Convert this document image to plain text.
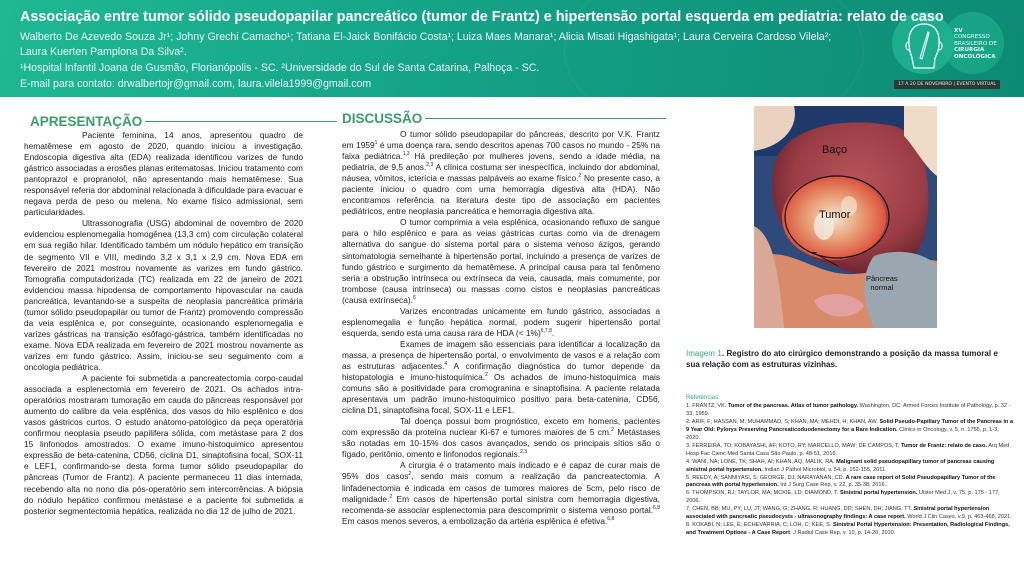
XV
CONGRESSO
BRASILEIRO DE
CIRURGIA
ONCOLÓGICA
17 A 20 DE NOVEMBRO | EVENTO VIRTUAL
Associação entre tumor sólido pseudopapilar pancreático (tumor de Frantz) e hipertensão portal esquerda em pediatria: relato de caso
Walberto De Azevedo Souza Jr¹; Johny Grechi Camacho¹; Tatiana El-Jaick Bonifácio Costa¹; Luiza Maes Manara¹; Alicia Misati Higashigata¹; Laura Cerveira Cardoso Vilela²;
Laura Kuerten Pamplona Da Silva².
¹Hospital Infantil Joana de Gusmão, Florianópolis - SC. ²Universidade do Sul de Santa Catarina, Palhoça - SC.
E-mail para contato: drwalbertojr@gmail.com, laura.vilela1999@gmail.com
APRESENTAÇÃO

Paciente feminina, 14 anos, apresentou quadro de hematêmese em agosto de 2020, quando iniciou a investigação. Endoscopia digestiva alta (EDA) realizada identificou varizes de fundo gástrico associadas a erosões planas eritematosas. Iniciou tratamento com pantoprazol e propranolol, não apresentando mais hematêmese. Sua responsável referia dor abdominal relacionada à dificuldade para evacuar e negava perda de peso ou melena. No exame físico admissional, sem particularidades.

Ultrassonografia (USG) abdominal de novembro de 2020 evidenciou esplenomegalia homogênea (13,3 cm) com circulação colateral em sua região hilar. Identificado também um nódulo hepático em transição de segmento VII e VIII, medindo 3,2 x 3,1 x 2,9 cm. Nova EDA em fevereiro de 2021 mostrou novamente as varizes em fundo gástrico. Tomografia computadorizada (TC) realizada em 22 de janeiro de 2021 evidenciou massa hipodensa de comportamento hipovascular na cauda pancreática, levantando-se a suspeita de neoplasia pancreática primária (tumor sólido pseudopapilar ou tumor de Frantz) promovendo compressão da veia esplênica e, por conseguinte, ocasionando esplenomegalia e varizes gástricas na transição esôfago-gástrica, também identificadas no exame. Nova EDA realizada em fevereiro de 2021 mostrou novamente as varizes em fundo gástrico. Assim, iniciou-se seu seguimento com a oncologia pediátrica.

A paciente foi submetida a pancreatectomia corpo-caudal associada a esplenectomia em fevereiro de 2021. Os achados intra-operatórios mostraram tumoração em cauda do pâncreas responsável por aumento do calibre da veia esplênica, dos vasos do hilo esplênico e dos vasos gástricos curtos. O estudo anátomo-patológico da peça operatória confirmou neoplasia pseudo papilifera sólida, com metástase para 2 dos 15 linfonodos amostrados. O exame imuno-histoquimico apresentou expressão de beta-catenina, CD56, ciclina D1, sinaptofisina focal, SOX-11 e LEF1, confirmando-se desta forma tumor sólido pseudopapilar do pâncreas (Tumor de Frantz). A paciente permaneceu 11 dias internada, recebendo alta no nono dia pós-operatório sem intercorrências. A biópsia do nódulo hepático confirmou metástase e a paciente foi submetida a posterior segmentectomia hepática, realizada no dia 12 de julho de 2021.

DISCUSSÃO

O tumor sólido pseudopapilar do pâncreas, descrito por V.K. Frantz em 1959$^1$ é uma doença rara, sendo descritos apenas 700 casos no mundo - 25% na faixa pediátrica.$^{1,3}$ Há predileção por mulheres jovens, sendo a idade média, na pediatria, de 9,5 anos.$^{2,3}$ A clínica costuma ser inespecífica, incluindo dor abdominal, náusea, vômitos, icterícia e massas palpáveis ao exame físico.$^2$ No presente caso, a paciente iniciou o quadro com uma hemorragia digestiva alta (HDA). Não encontramos referência na literatura deste tipo de associação em pacientes pediátricos, entre neoplasia pancreática e hemorragia digestiva alta.

O tumor comprimia a veia esplênica, ocasionando refluxo de sangue para o hilo esplênico e para as veias gástricas curtas como via de drenagem alternativa do sangue do sistema portal para o sistema venoso ázigos, gerando sintomatologia semelhante à hipertensão portal, incluindo a presença de varizes de fundo gástrico e surgimento da hematêmese. A principal causa para tal fenômeno seria a obstrução intrínseca ou extrínseca da veia, causada, mais comumente, por trombose (causa intrínseca) ou massas como cistos e neoplasias pancreáticas (causa extrínseca).$^6$

Varizes encontradas unicamente em fundo gástrico, associadas a esplenomegalia e função hepática normal, podem sugerir hipertensão portal esquerda, sendo esta uma causa rara de HDA (< 1%)$^{6,7,8}$.

Exames de imagem são essenciais para identificar a localização da massa, a presença de hipertensão portal, o envolvimento de vasos e a relação com as estruturas adjacentes.$^4$ A confirmação diagnóstica do tumor depende da histopatologia e imuno-histoquímica.$^2$ Os achados de imuno-histoquímica mais comuns são a positividade para cromogranina e sinaptofisina. A paciente relatada apresentava um padrão imuno-histoquímico positivo para beta-catenina, CD56, ciclina D1, sinaptofisina focal, SOX-11 e LEF1.

Tal doença possui bom prognóstico, exceto em homens, pacientes com expressão da proteína nuclear Ki-67 e tumores maiores de 5 cm.$^2$ Metástases são notadas em 10-15% dos casos avançados, sendo os principais sítios são o fígado, peritônio, omento e linfonodos regionais.$^{2,3}$

A cirurgia é o tratamento mais indicado e é capaz de curar mais de 95% dos casos$^2$, sendo mais comum a realização da pancreatectomia. A linfadenectomia é indicada em casos de tumores maiores de 5cm, pelo risco de malignidade.$^2$ Em casos de hipertensão portal sinistra com hemorragia digestiva, recomenda-se associar esplenectomia para descomprimir o sistema venoso portal.$^{6,8}$ Em casos menos severos, a embolização da artéria esplênica é efetiva.$^{6,8}$

Baço
Tumor
Pâncreas
normal
Imagem 1. Registro do ato cirúrgico demonstrando a posição da massa tumoral e sua relação com as estruturas vizinhas.
Referências:
1. FRANTZ, VK. Tumor of the pancreas. Atlas of tumor pathology. Washington, DC: Armed Forces Institute of Pathology, p. 32 - 33, 1959.
2. ARIF, F; HASSAN, M; MUHAMMAD, S; KHAN, MA; MEHDI, H; KHAN, AW. Solid Pseudo-Papillary Tumor of the Pancreas in a 9 Year Old: Pylorys Preserving Pancreaticoduodenectomy for a Rare Indication. Clinics in Oncology, v. 5, n. 1755, p. 1-3, 2020.
3. FERREIRA, TO; KOBAYASHI, AF; KOTO, RY; MARCELLO, MAW; DE CAMPOS, T. Tumor de Frantz: relato de caso. Arq Med Hosp Fac Cienc Med Santa Casa São Paulo, p. 48-51, 2016.
4. WANI, NA; LONE, TK; SHAH, AI; KHAN, AQ, MALIK, RA. Malignant solid pseudopapillary tumor of pancreas causing sinistral portal hypertension. Indian J Pathol Microbiol, v. 54, p. 152-155, 2011.
5. REEDY, A; SANNIYASI, S; GEORGE, DJ, NARAYANAN, CD. A rare case report of Solid Pseudopapillary Tumor of the pancreas with portal hypertension. Int J Surg Case Rep, v. 22, p. 35-38, 2016.
6. THOMPSON, RJ; TAYLOR, MA; MCKIE, LD; DIAMOND, T. Sinistral portal hypertension. Ulster Med J, v. 75, p. 175 - 177, 2006.
7. CHEN, BB; MU, PY; LU, JT; WANG, G; ZHANG, R; HUANG, DD; SHEN, DH; JIANG, TT. Sinistral portal hypertension associated with pancreatic pseudocysts - ultrasonography findings: A case report. World J Clin Cases, v.9, p. 463-468, 2021.
8. KOKABI, N; LEE, E; ECHEVARRIA, C; LOH, C; KEE, S. Sinistral Portal Hypertension: Presentation, Radiological Findings, and Treatment Options - A Case Report. J Radiol Case Rep, v. 10, p. 14-20, 2010.
